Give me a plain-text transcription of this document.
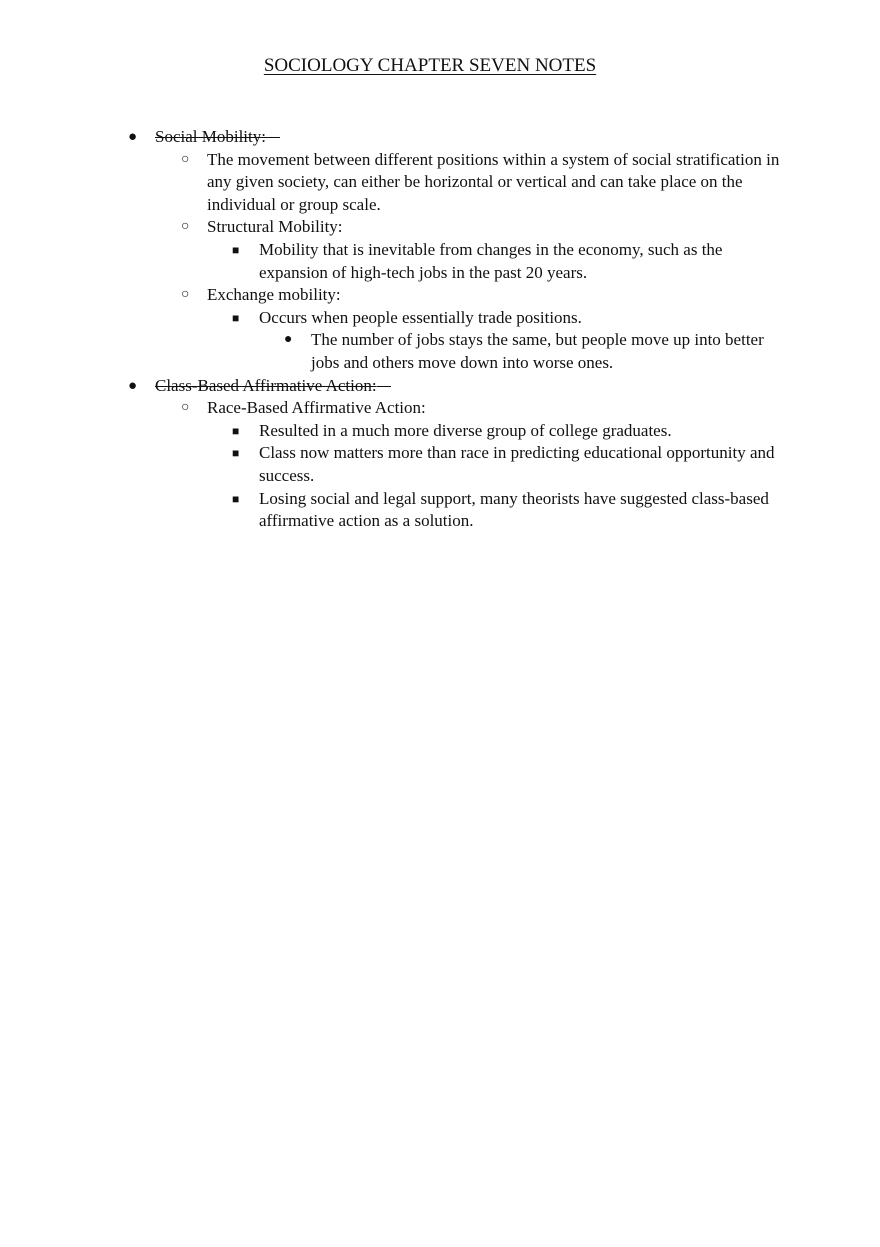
SOCIOLOGY CHAPTER SEVEN NOTES
● Social Mobility:
○ The movement between different positions within a system of social stratification in any given society, can either be horizontal or vertical and can take place on the individual or group scale.
○ Structural Mobility:
■ Mobility that is inevitable from changes in the economy, such as the expansion of high-tech jobs in the past 20 years.
○ Exchange mobility:
■ Occurs when people essentially trade positions.
● The number of jobs stays the same, but people move up into better jobs and others move down into worse ones.
● Class-Based Affirmative Action:
○ Race-Based Affirmative Action:
■ Resulted in a much more diverse group of college graduates.
■ Class now matters more than race in predicting educational opportunity and success.
■ Losing social and legal support, many theorists have suggested class-based affirmative action as a solution.
